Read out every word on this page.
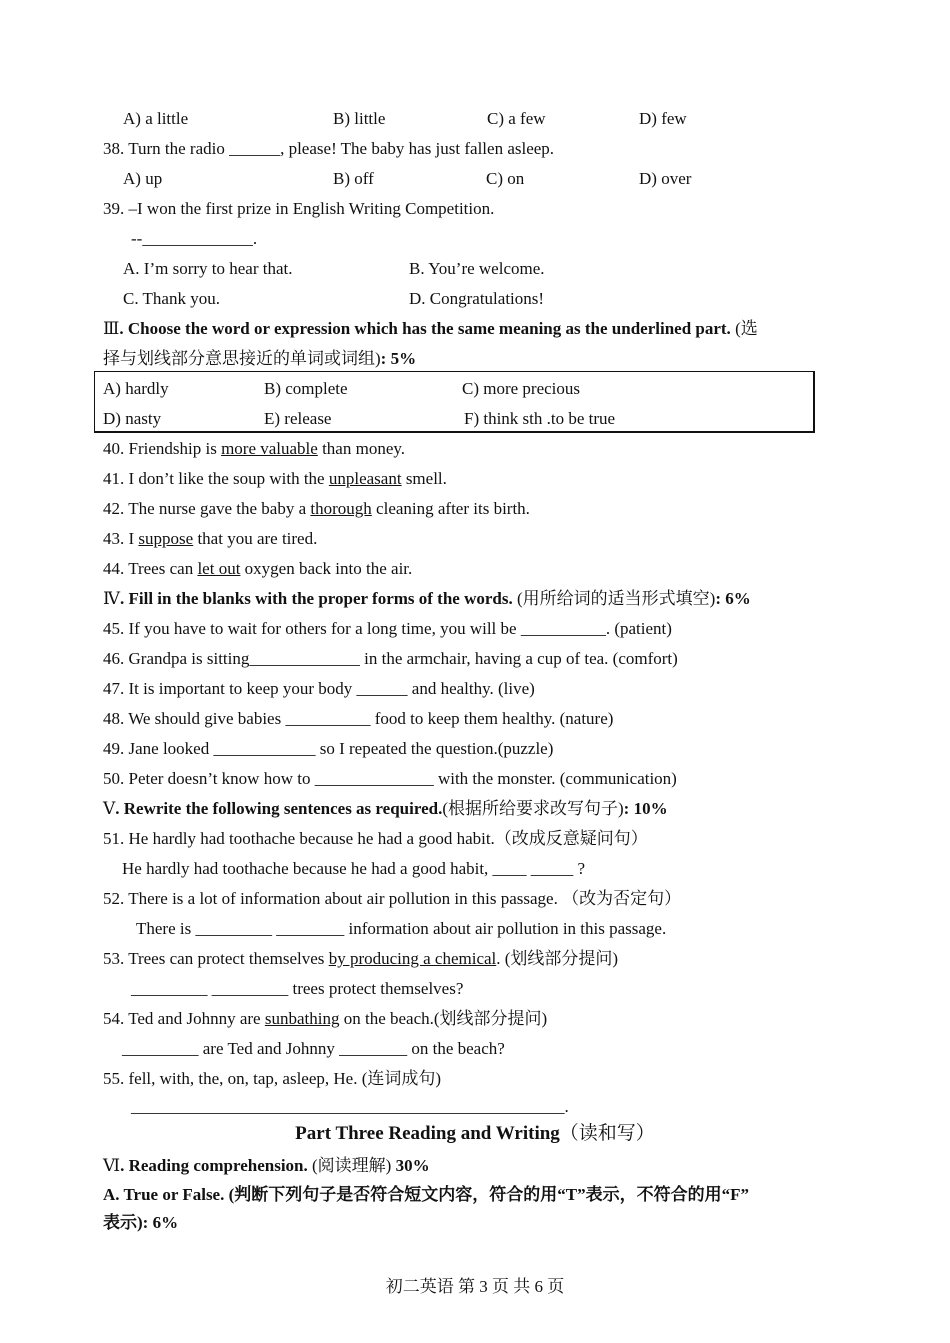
A) a little	B) little	C) a few	D) few
38. Turn the radio ______, please! The baby has just fallen asleep.
A) up	B) off	C) on	D) over
39. –I won the first prize in English Writing Competition.
--_____________.
A. I’m sorry to hear that.	B. You’re welcome.
C. Thank you.	D. Congratulations!
Ⅲ. Choose the word or expression which has the same meaning as the underlined part. (选
择与划线部分意思接近的单词或词组): 5%
A) hardly	B) complete	C) more precious
D) nasty	E) release	F) think sth .to be true
40. Friendship is more valuable than money.
41. I don’t like the soup with the unpleasant smell.
42. The nurse gave the baby a thorough cleaning after its birth.
43. I suppose that you are tired.
44. Trees can let out oxygen back into the air.
Ⅳ. Fill in the blanks with the proper forms of the words. (用所给词的适当形式填空): 6%
45. If you have to wait for others for a long time, you will be __________. (patient)
46. Grandpa is sitting_____________ in the armchair, having a cup of tea. (comfort)
47. It is important to keep your body ______ and healthy. (live)
48. We should give babies __________ food to keep them healthy. (nature)
49. Jane looked ____________ so I repeated the question.(puzzle)
50. Peter doesn’t know how to ______________ with the monster. (communication)
Ⅴ. Rewrite the following sentences as required.(根据所给要求改写句子): 10%
51. He hardly had toothache because he had a good habit.（改成反意疑问句）
He hardly had toothache because he had a good habit, ____ _____ ?
52. There is a lot of information about air pollution in this passage. （改为否定句）
There is _________ ________ information about air pollution in this passage.
53. Trees can protect themselves by producing a chemical. (划线部分提问)
_________ _________ trees protect themselves?
54. Ted and Johnny are sunbathing on the beach.(划线部分提问)
_________ are Ted and Johnny ________ on the beach?
55. fell, with, the, on, tap, asleep, He. (连词成句)
___________________________________________________.
Part Three Reading and Writing（读和写）
Ⅵ. Reading comprehension. (阅读理解) 30%
A. True or False. (判断下列句子是否符合短文内容，符合的用“T”表示，不符合的用“F”
表示): 6%
初二英语 第 3 页 共 6 页
